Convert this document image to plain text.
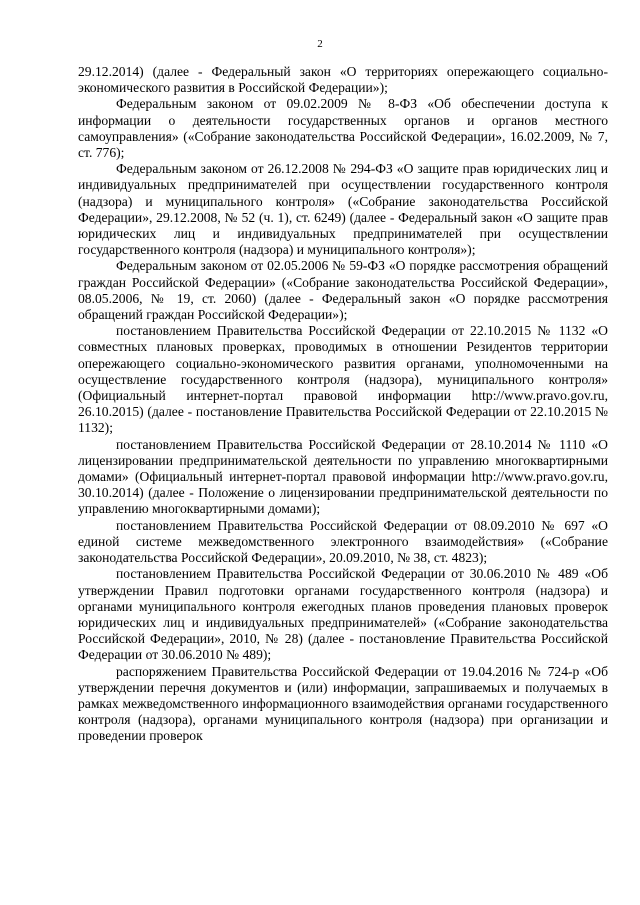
2

29.12.2014) (далее - Федеральный закон «О территориях опережающего социально-экономического развития в Российской Федерации»);

Федеральным законом от 09.02.2009 № 8-ФЗ «Об обеспечении доступа к информации о деятельности государственных органов и органов местного самоуправления» («Собрание законодательства Российской Федерации», 16.02.2009, № 7, ст. 776);

Федеральным законом от 26.12.2008 № 294-ФЗ «О защите прав юридических лиц и индивидуальных предпринимателей при осуществлении государственного контроля (надзора) и муниципального контроля» («Собрание законодательства Российской Федерации», 29.12.2008, № 52 (ч. 1), ст. 6249) (далее - Федеральный закон «О защите прав юридических лиц и индивидуальных предпринимателей при осуществлении государственного контроля (надзора) и муниципального контроля»);

Федеральным законом от 02.05.2006 № 59-ФЗ «О порядке рассмотрения обращений граждан Российской Федерации» («Собрание законодательства Российской Федерации», 08.05.2006, № 19, ст. 2060) (далее - Федеральный закон «О порядке рассмотрения обращений граждан Российской Федерации»);

постановлением Правительства Российской Федерации от 22.10.2015 № 1132 «О совместных плановых проверках, проводимых в отношении Резидентов территории опережающего социально-экономического развития органами, уполномоченными на осуществление государственного контроля (надзора), муниципального контроля» (Официальный интернет-портал правовой информации http://www.pravo.gov.ru, 26.10.2015) (далее - постановление Правительства Российской Федерации от 22.10.2015 № 1132);

постановлением Правительства Российской Федерации от 28.10.2014 № 1110 «О лицензировании предпринимательской деятельности по управлению многоквартирными домами» (Официальный интернет-портал правовой информации http://www.pravo.gov.ru, 30.10.2014) (далее - Положение о лицензировании предпринимательской деятельности по управлению многоквартирными домами);

постановлением Правительства Российской Федерации от 08.09.2010 № 697 «О единой системе межведомственного электронного взаимодействия» («Собрание законодательства Российской Федерации», 20.09.2010, № 38, ст. 4823);

постановлением Правительства Российской Федерации от 30.06.2010 № 489 «Об утверждении Правил подготовки органами государственного контроля (надзора) и органами муниципального контроля ежегодных планов проведения плановых проверок юридических лиц и индивидуальных предпринимателей» («Собрание законодательства Российской Федерации», 2010, № 28) (далее - постановление Правительства Российской Федерации от 30.06.2010 № 489);

распоряжением Правительства Российской Федерации от 19.04.2016 № 724-р «Об утверждении перечня документов и (или) информации, запрашиваемых и получаемых в рамках межведомственного информационного взаимодействия органами государственного контроля (надзора), органами муниципального контроля (надзора) при организации и проведении проверок
